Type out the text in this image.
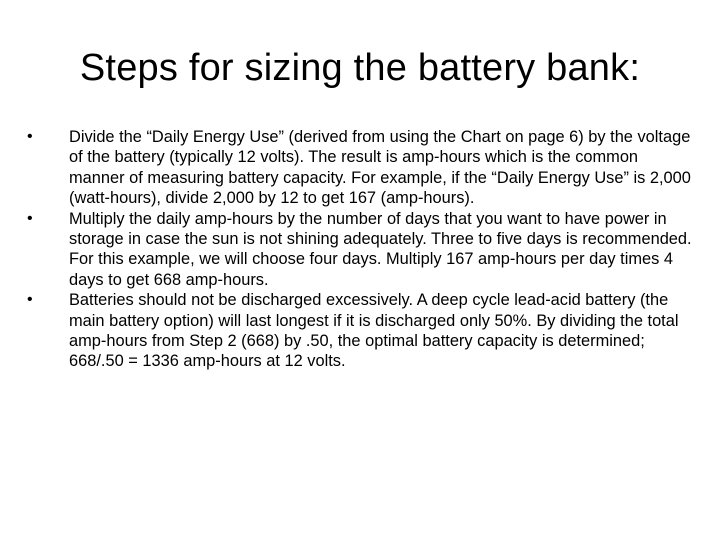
Steps for sizing the battery bank:
•	Divide the “Daily Energy Use” (derived from using the Chart on page 6) by the voltage of the battery (typically 12 volts). The result is amp-hours which is the common manner of measuring battery capacity. For example, if the “Daily Energy Use” is 2,000 (watt-hours), divide 2,000 by 12 to get 167 (amp-hours).
•	Multiply the daily amp-hours by the number of days that you want to have power in storage in case the sun is not shining adequately. Three to five days is recommended. For this example, we will choose four days. Multiply 167 amp-hours per day times 4 days to get 668 amp-hours.
•	Batteries should not be discharged excessively. A deep cycle lead-acid battery (the main battery option) will last longest if it is discharged only 50%. By dividing the total amp-hours from Step 2 (668) by .50, the optimal battery capacity is determined; 668/.50 = 1336 amp-hours at 12 volts.
